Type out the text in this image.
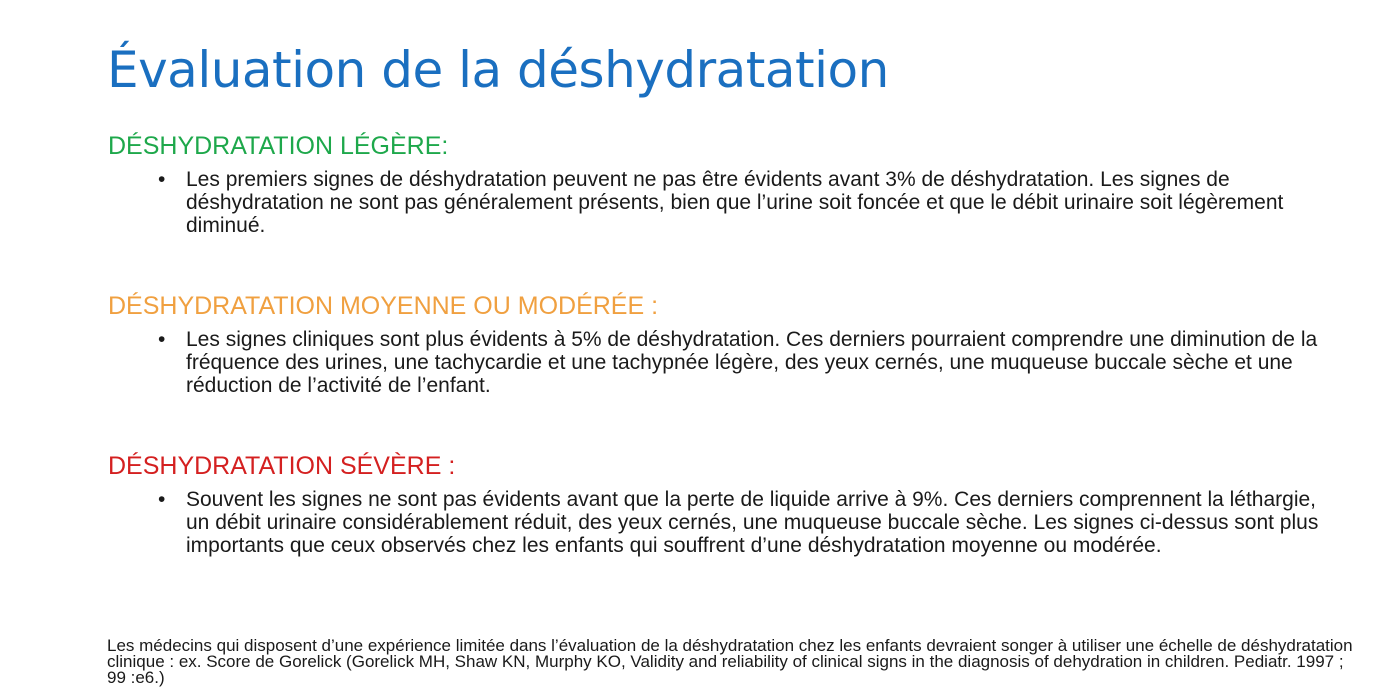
Évaluation de la déshydratation
DÉSHYDRATATION LÉGÈRE:
• Les premiers signes de déshydratation peuvent ne pas être évidents avant 3% de déshydratation. Les signes de déshydratation ne sont pas généralement présents, bien que l’urine soit foncée et que le débit urinaire soit légèrement diminué.
DÉSHYDRATATION MOYENNE OU MODÉRÉE :
• Les signes cliniques sont plus évidents à 5% de déshydratation. Ces derniers pourraient comprendre une diminution de la fréquence des urines, une tachycardie et une tachypnée légère, des yeux cernés, une muqueuse buccale sèche et une réduction de l’activité de l’enfant.
DÉSHYDRATATION SÉVÈRE :
• Souvent les signes ne sont pas évidents avant que la perte de liquide arrive à 9%. Ces derniers comprennent la léthargie, un débit urinaire considérablement réduit, des yeux cernés, une muqueuse buccale sèche. Les signes ci-dessus sont plus importants que ceux observés chez les enfants qui souffrent d’une déshydratation moyenne ou modérée.
Les médecins qui disposent d’une expérience limitée dans l’évaluation de la déshydratation chez les enfants devraient songer à utiliser une échelle de déshydratation clinique : ex. Score de Gorelick (Gorelick MH, Shaw KN, Murphy KO, Validity and reliability of clinical signs in the diagnosis of dehydration in children. Pediatr. 1997 ; 99 :e6.)
